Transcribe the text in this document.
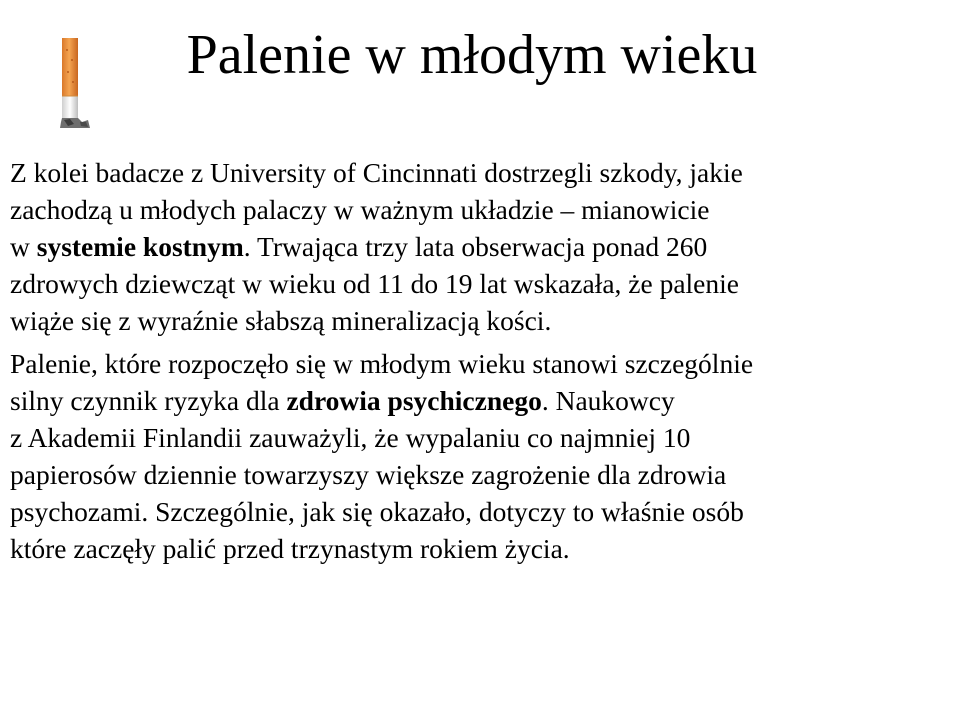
Palenie w młodym wieku

Z kolei badacze z University of Cincinnati dostrzegli szkody, jakie
zachodzą u młodych palaczy w ważnym układzie – mianowicie
w systemie kostnym. Trwająca trzy lata obserwacja ponad 260
zdrowych dziewcząt w wieku od 11 do 19 lat wskazała, że palenie
wiąże się z wyraźnie słabszą mineralizacją kości.

Palenie, które rozpoczęło się w młodym wieku stanowi szczególnie
silny czynnik ryzyka dla zdrowia psychicznego. Naukowcy
z Akademii Finlandii zauważyli, że wypalaniu co najmniej 10
papierosów dziennie towarzyszy większe zagrożenie dla zdrowia
psychozami. Szczególnie, jak się okazało, dotyczy to właśnie osób
które zaczęły palić przed trzynastym rokiem życia.
